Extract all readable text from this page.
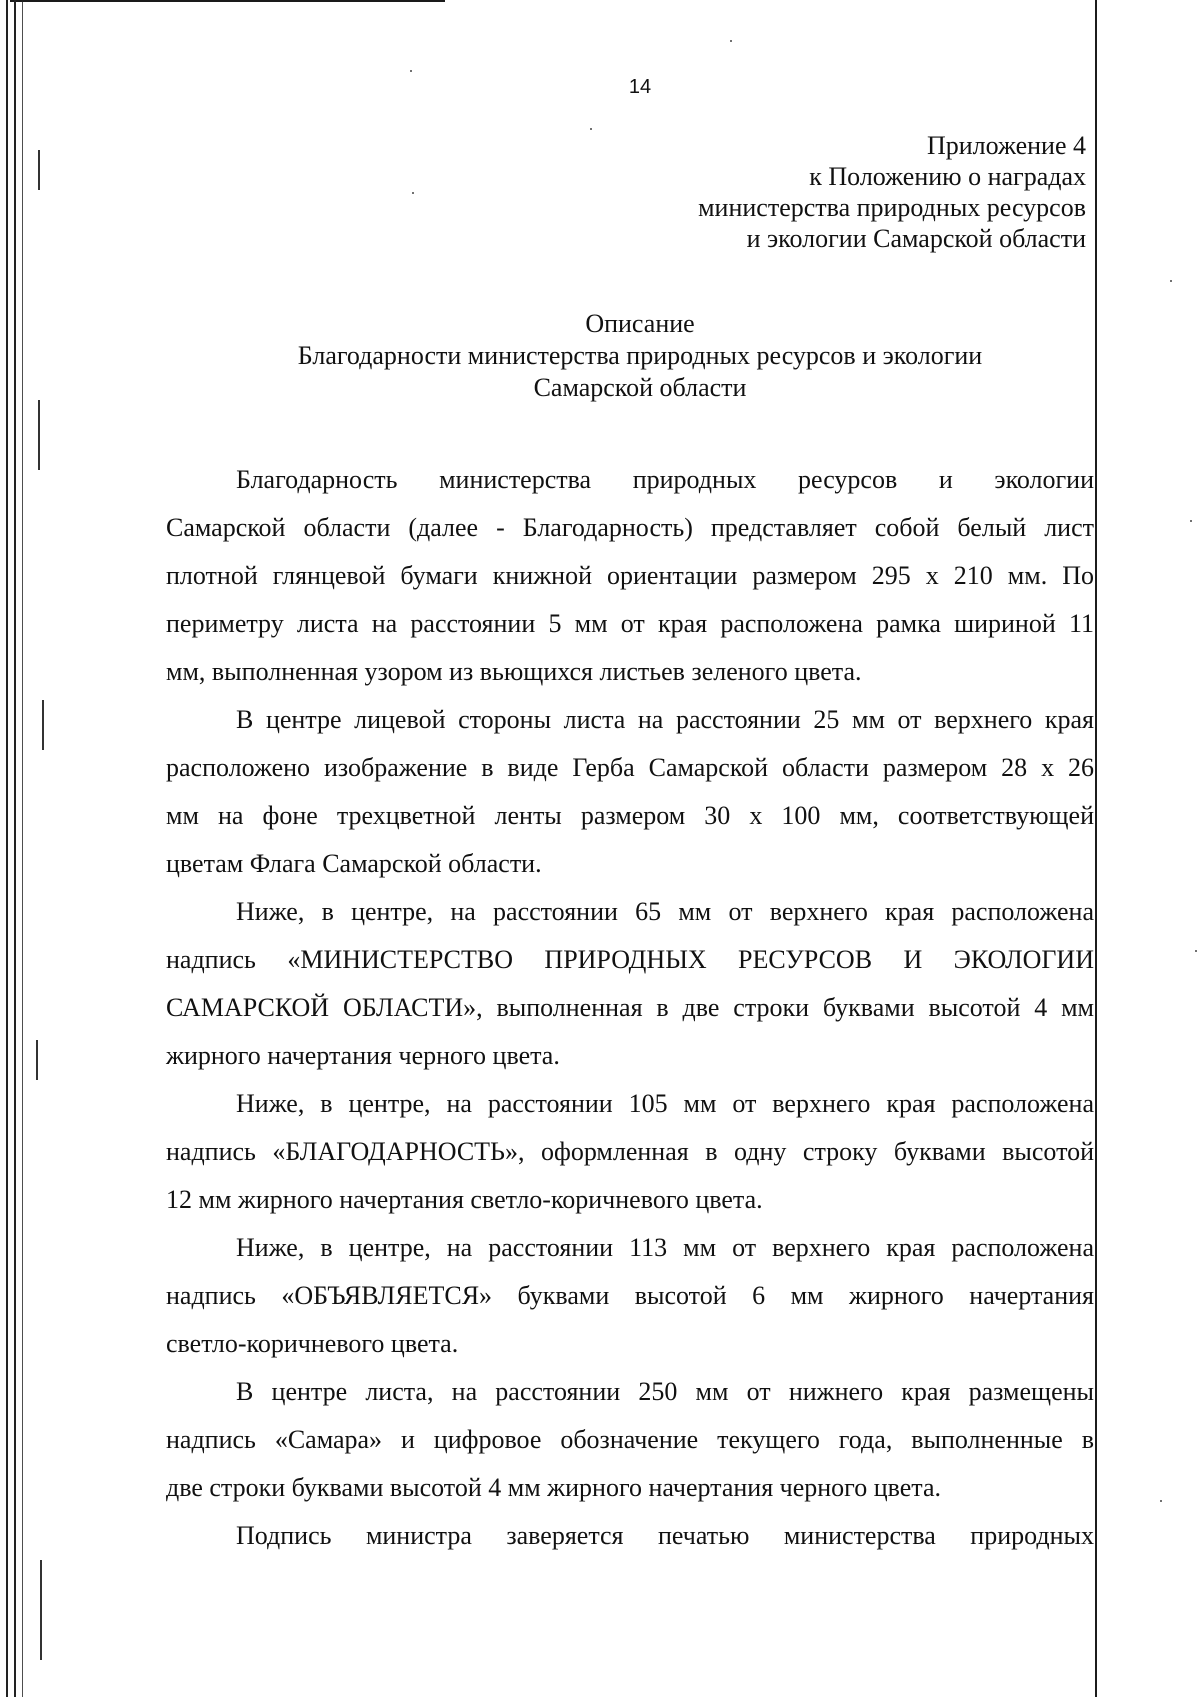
14
Приложение 4
к Положению о наградах
министерства природных ресурсов
и экологии Самарской области
Описание
Благодарности министерства природных ресурсов и экологии
Самарской области
Благодарность министерства природных ресурсов и экологии
Самарской области (далее - Благодарность) представляет собой белый лист
плотной глянцевой бумаги книжной ориентации размером 295 х 210 мм. По
периметру листа на расстоянии 5 мм от края расположена рамка шириной 11
мм, выполненная узором из вьющихся листьев зеленого цвета.
В центре лицевой стороны листа на расстоянии 25 мм от верхнего края
расположено изображение в виде Герба Самарской области размером 28 х 26
мм на фоне трехцветной ленты размером 30 х 100 мм, соответствующей
цветам Флага Самарской области.
Ниже, в центре, на расстоянии 65 мм от верхнего края расположена
надпись «МИНИСТЕРСТВО ПРИРОДНЫХ РЕСУРСОВ И ЭКОЛОГИИ
САМАРСКОЙ ОБЛАСТИ», выполненная в две строки буквами высотой 4 мм
жирного начертания черного цвета.
Ниже, в центре, на расстоянии 105 мм от верхнего края расположена
надпись «БЛАГОДАРНОСТЬ», оформленная в одну строку буквами высотой
12 мм жирного начертания светло-коричневого цвета.
Ниже, в центре, на расстоянии 113 мм от верхнего края расположена
надпись «ОБЪЯВЛЯЕТСЯ» буквами высотой 6 мм жирного начертания
светло-коричневого цвета.
В центре листа, на расстоянии 250 мм от нижнего края размещены
надпись «Самара» и цифровое обозначение текущего года, выполненные в
две строки буквами высотой 4 мм жирного начертания черного цвета.
Подпись министра заверяется печатью министерства природных
